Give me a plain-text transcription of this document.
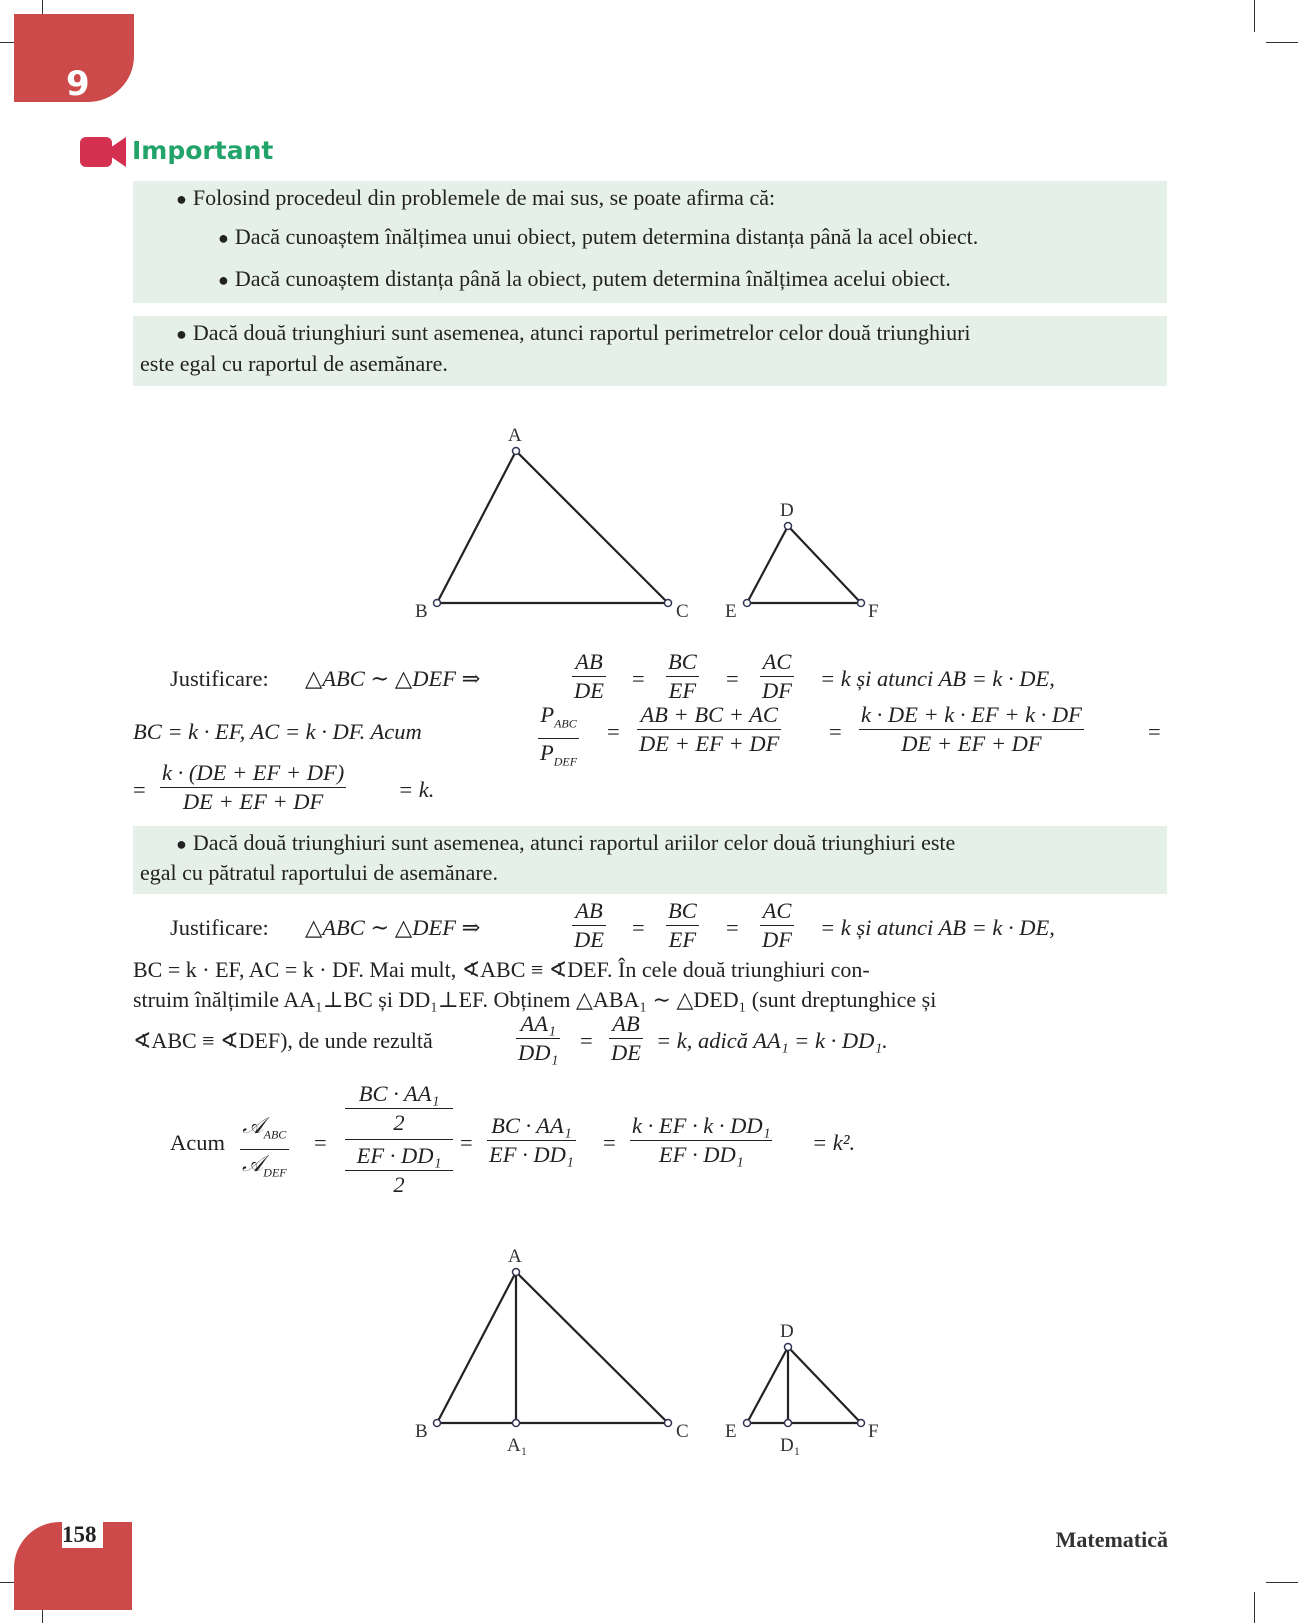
9
Important
● Folosind procedeul din problemele de mai sus, se poate afirma că:
● Dacă cunoaștem înălțimea unui obiect, putem determina distanța până la acel obiect.
● Dacă cunoaștem distanța până la obiect, putem determina înălțimea acelui obiect.
● Dacă două triunghiuri sunt asemenea, atunci raportul perimetrelor celor două triunghiuri
este egal cu raportul de asemănare.
A
B	C
D
E	F
Justificare: △ABC ∼ △DEF ⇒	$\frac{AB}{DE} = \frac{BC}{EF} = \frac{AC}{DF} = k$ și atunci AB = k · DE,
BC = k · EF, AC = k · DF. Acum
$P_{ABC}$
$P_{DEF}$
= $\frac{AB + BC + AC}{DE + EF + DF} = \frac{k \cdot DE + k \cdot EF + k \cdot DF}{DE + EF + DF}$	=
= $\frac{k \cdot (DE + EF + DF)}{DE + EF + DF} = k$.
● Dacă două triunghiuri sunt asemenea, atunci raportul ariilor celor două triunghiuri este
egal cu pătratul raportului de asemănare.
Justificare: △ABC ∼ △DEF ⇒	$\frac{AB}{DE} = \frac{BC}{EF} = \frac{AC}{DF} = k$ și atunci AB = k · DE,
BC = k · EF, AC = k · DF. Mai mult, ∢ABC ≡ ∢DEF. În cele două triunghiuri con-
struim înălțimile AA₁⊥BC și DD₁⊥EF. Obținem △ABA₁ ∼ △DED₁ (sunt dreptunghice și
∢ABC ≡ ∢DEF), de unde rezultă	$\frac{\text{AA₁}}{\text{DD₁}} = \frac{AB}{DE} = k$, adică AA₁ = k · DD₁.
Acum
𝒜$_{ABC}$
𝒜$_{DEF}$
=
BC · AA₁
2
EF · DD₁
2
= $\frac{\text{BC · AA₁}}{\text{EF · DD₁}} = \frac{\text{k · EF · k · DD₁}}{\text{EF · DD₁}} = k^2$.
A
B	C
A₁
D
E	F
D₁
158	Matematică
